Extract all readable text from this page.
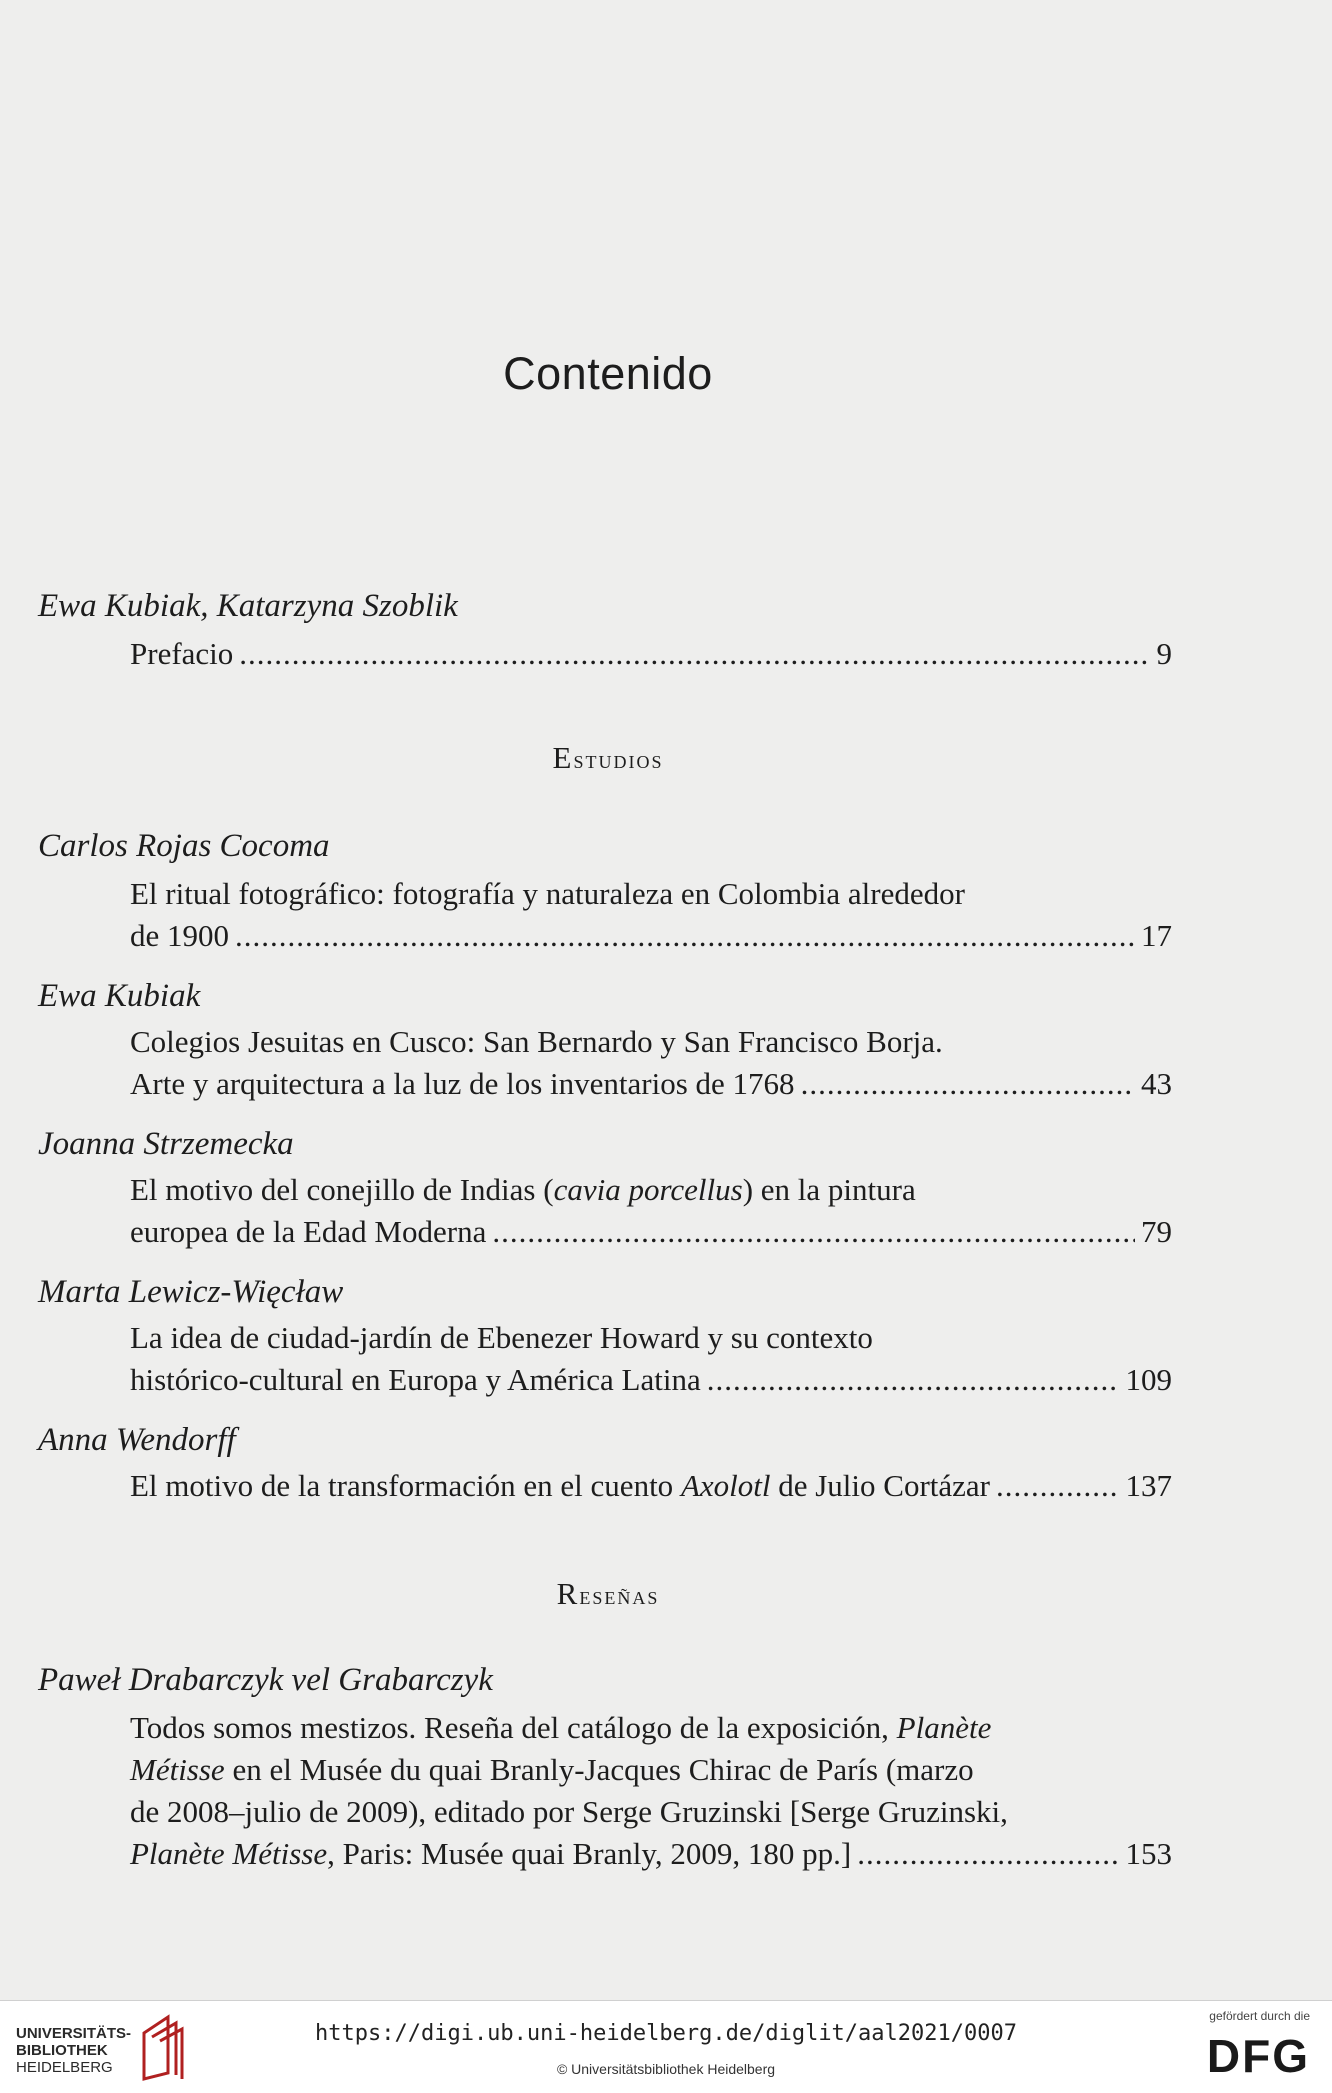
Contenido
Ewa Kubiak, Katarzyna Szoblik
Prefacio .....	9
Estudios
Carlos Rojas Cocoma
El ritual fotográfico: fotografía y naturaleza en Colombia alrededor
de 1900 .....	17
Ewa Kubiak
Colegios Jesuitas en Cusco: San Bernardo y San Francisco Borja.
Arte y arquitectura a la luz de los inventarios de 1768 .....	43
Joanna Strzemecka
El motivo del conejillo de Indias (cavia porcellus) en la pintura
europea de la Edad Moderna .....	79
Marta Lewicz-Więcław
La idea de ciudad-jardín de Ebenezer Howard y su contexto
histórico-cultural en Europa y América Latina .....	109
Anna Wendorff
El motivo de la transformación en el cuento Axolotl de Julio Cortázar .....	137
Reseñas
Paweł Drabarczyk vel Grabarczyk
Todos somos mestizos. Reseña del catálogo de la exposición, Planète
Métisse en el Musée du quai Branly-Jacques Chirac de París (marzo
de 2008–julio de 2009), editado por Serge Gruzinski [Serge Gruzinski,
Planète Métisse, Paris: Musée quai Branly, 2009, 180 pp.] .....	153
UNIVERSITÄTS-
BIBLIOTHEK
HEIDELBERG
https://digi.ub.uni-heidelberg.de/diglit/aal2021/0007
© Universitätsbibliothek Heidelberg
gefördert durch die
DFG
